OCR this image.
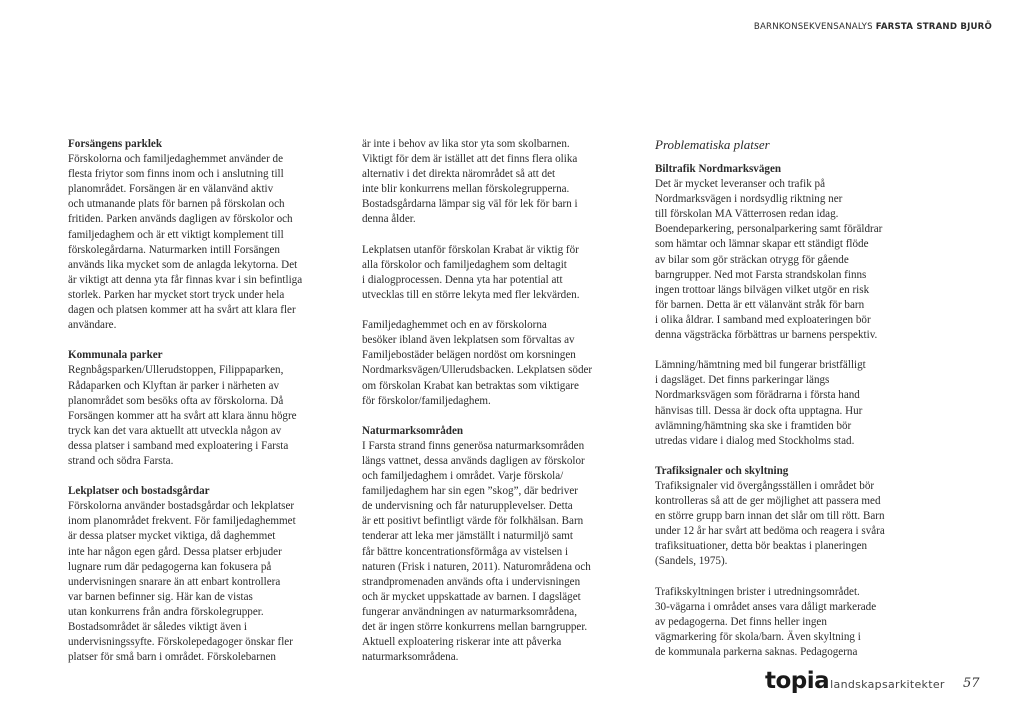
BARNKONSEKVENSANALYS FARSTA STRAND BJURÖ
Forsängens parklek
Förskolorna och familjedaghemmet använder de
flesta friytor som finns inom och i anslutning till
planområdet. Forsängen är en välanvänd aktiv
och utmanande plats för barnen på förskolan och
fritiden. Parken används dagligen av förskolor och
familjedaghem och är ett viktigt komplement till
förskolegårdarna. Naturmarken intill Forsängen
används lika mycket som de anlagda lekytorna. Det
är viktigt att denna yta får finnas kvar i sin befintliga
storlek. Parken har mycket stort tryck under hela
dagen och platsen kommer att ha svårt att klara fler
användare.
Kommunala parker
Regnbågsparken/Ullerudstoppen, Filippaparken,
Rådaparken och Klyftan är parker i närheten av
planområdet som besöks ofta av förskolorna. Då
Forsängen kommer att ha svårt att klara ännu högre
tryck kan det vara aktuellt att utveckla någon av
dessa platser i samband med exploatering i Farsta
strand och södra Farsta.
Lekplatser och bostadsgårdar
Förskolorna använder bostadsgårdar och lekplatser
inom planområdet frekvent. För familjedaghemmet
är dessa platser mycket viktiga, då daghemmet
inte har någon egen gård. Dessa platser erbjuder
lugnare rum där pedagogerna kan fokusera på
undervisningen snarare än att enbart kontrollera
var barnen befinner sig. Här kan de vistas
utan konkurrens från andra förskolegrupper.
Bostadsområdet är således viktigt även i
undervisningssyfte. Förskolepedagoger önskar fler
platser för små barn i området. Förskolebarnen
är inte i behov av lika stor yta som skolbarnen.
Viktigt för dem är istället att det finns flera olika
alternativ i det direkta närområdet så att det
inte blir konkurrens mellan förskolegrupperna.
Bostadsgårdarna lämpar sig väl för lek för barn i
denna ålder.
Lekplatsen utanför förskolan Krabat är viktig för
alla förskolor och familjedaghem som deltagit
i dialogprocessen. Denna yta har potential att
utvecklas till en större lekyta med fler lekvärden.
Familjedaghemmet och en av förskolorna
besöker ibland även lekplatsen som förvaltas av
Familjebostäder belägen nordöst om korsningen
Nordmarksvägen/Ullerudsbacken. Lekplatsen söder
om förskolan Krabat kan betraktas som viktigare
för förskolor/familjedaghem.
Naturmarksområden
I Farsta strand finns generösa naturmarksområden
längs vattnet, dessa används dagligen av förskolor
och familjedaghem i området. Varje förskola/
familjedaghem har sin egen ”skog”, där bedriver
de undervisning och får naturupplevelser. Detta
är ett positivt befintligt värde för folkhälsan. Barn
tenderar att leka mer jämställt i naturmiljö samt
får bättre koncentrationsförmåga av vistelsen i
naturen (Frisk i naturen, 2011). Naturområdena och
strandpromenaden används ofta i undervisningen
och är mycket uppskattade av barnen. I dagsläget
fungerar användningen av naturmarksområdena,
det är ingen större konkurrens mellan barngrupper.
Aktuell exploatering riskerar inte att påverka
naturmarksområdena.
Problematiska platser
Biltrafik Nordmarksvägen
Det är mycket leveranser och trafik på
Nordmarksvägen i nordsydlig riktning ner
till förskolan MA Vätterrosen redan idag.
Boendeparkering, personalparkering samt föräldrar
som hämtar och lämnar skapar ett ständigt flöde
av bilar som gör sträckan otrygg för gående
barngrupper. Ned mot Farsta strandskolan finns
ingen trottoar längs bilvägen vilket utgör en risk
för barnen. Detta är ett välanvänt stråk för barn
i olika åldrar. I samband med exploateringen bör
denna vägsträcka förbättras ur barnens perspektiv.
Lämning/hämtning med bil fungerar bristfälligt
i dagsläget. Det finns parkeringar längs
Nordmarksvägen som förädrarna i första hand
hänvisas till. Dessa är dock ofta upptagna. Hur
avlämning/hämtning ska ske i framtiden bör
utredas vidare i dialog med Stockholms stad.
Trafiksignaler och skyltning
Trafiksignaler vid övergångsställen i området bör
kontrolleras så att de ger möjlighet att passera med
en större grupp barn innan det slår om till rött. Barn
under 12 år har svårt att bedöma och reagera i svåra
trafiksituationer, detta bör beaktas i planeringen
(Sandels, 1975).
Trafikskyltningen brister i utredningsområdet.
30-vägarna i området anses vara dåligt markerade
av pedagogerna. Det finns heller ingen
vägmarkering för skola/barn. Även skyltning i
de kommunala parkerna saknas. Pedagogerna
topia landskapsarkitekter 57
